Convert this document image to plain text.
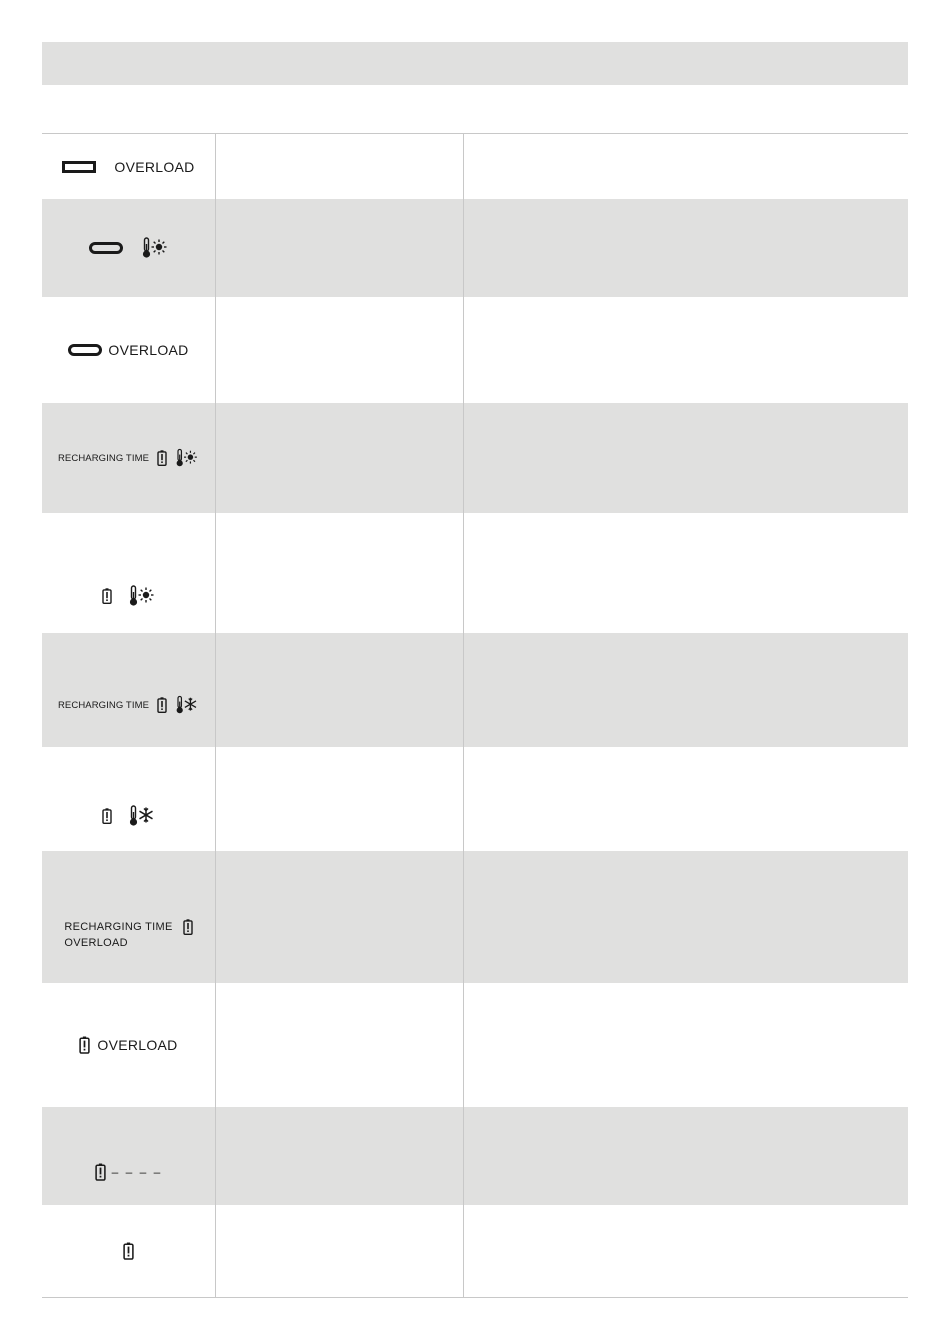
OVERLOAD
OVERLOAD
RECHARGING TIME
RECHARGING TIME
RECHARGING TIME
OVERLOAD
OVERLOAD
– – – –
